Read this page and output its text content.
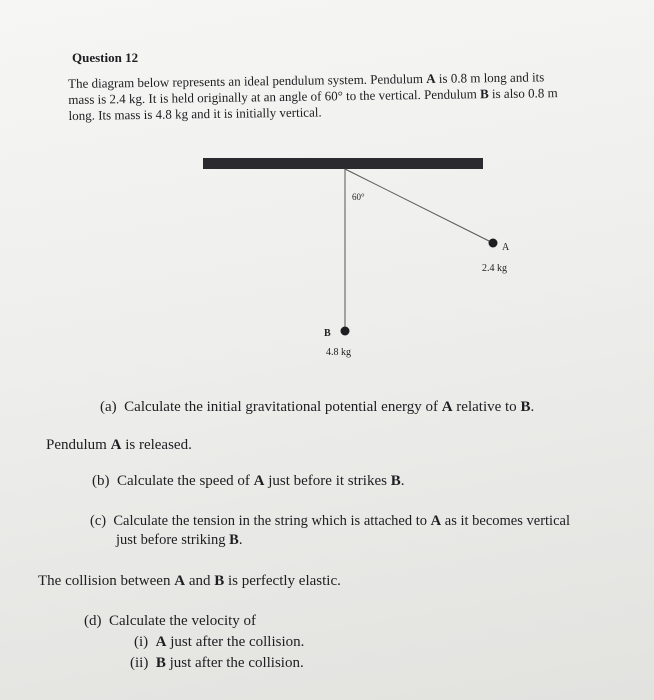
Question 12

The diagram below represents an ideal pendulum system. Pendulum A is 0.8 m long and its

mass is 2.4 kg. It is held originally at an angle of 60° to the vertical. Pendulum B is also 0.8 m

long. Its mass is 4.8 kg and it is initially vertical.

60°
A
2.4 kg
B
4.8 kg
(a) Calculate the initial gravitational potential energy of A relative to B.
Pendulum A is released.
(b) Calculate the speed of A just before it strikes B.
(c) Calculate the tension in the string which is attached to A as it becomes vertical
just before striking B.
The collision between A and B is perfectly elastic.
(d) Calculate the velocity of
(i) A just after the collision.
(ii) B just after the collision.
